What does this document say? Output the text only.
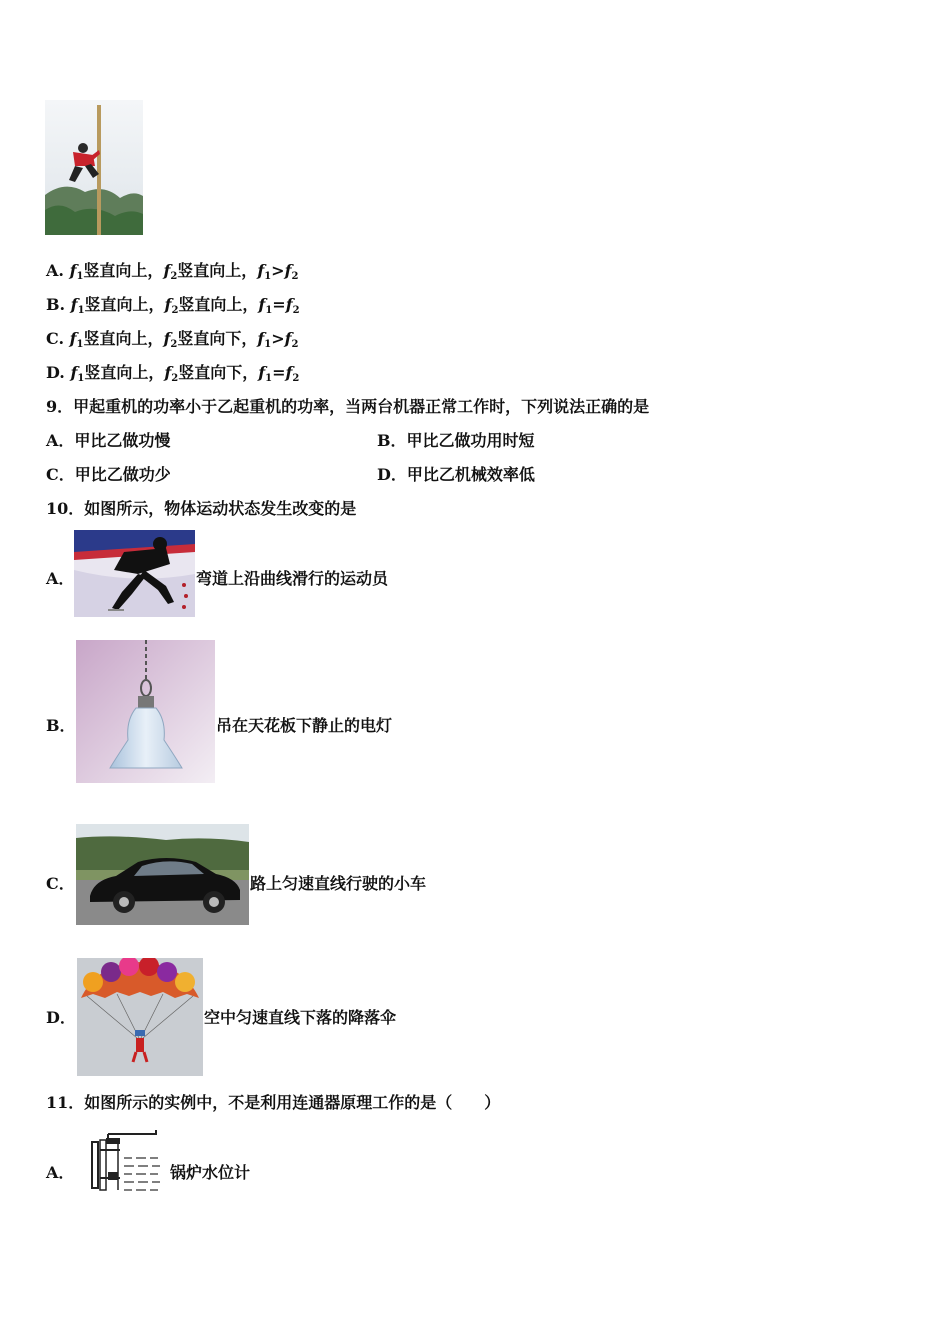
A. $f_1$竖直向上，$f_2$竖直向上，$f_1>f_2$
B. $f_1$竖直向上，$f_2$竖直向上，$f_1=f_2$
C. $f_1$竖直向上，$f_2$竖直向下，$f_1>f_2$
D. $f_1$竖直向上，$f_2$竖直向下，$f_1=f_2$
9．甲起重机的功率小于乙起重机的功率，当两台机器正常工作时，下列说法正确的是
A．甲比乙做功慢	B．甲比乙做功用时短
C．甲比乙做功少	D．甲比乙机械效率低
10．如图所示，物体运动状态发生改变的是
A．	弯道上沿曲线滑行的运动员
B．	吊在天花板下静止的电灯
C．	路上匀速直线行驶的小车
D．	空中匀速直线下落的降落伞
11．如图所示的实例中，不是利用连通器原理工作的是（　　）
A．	锅炉水位计
